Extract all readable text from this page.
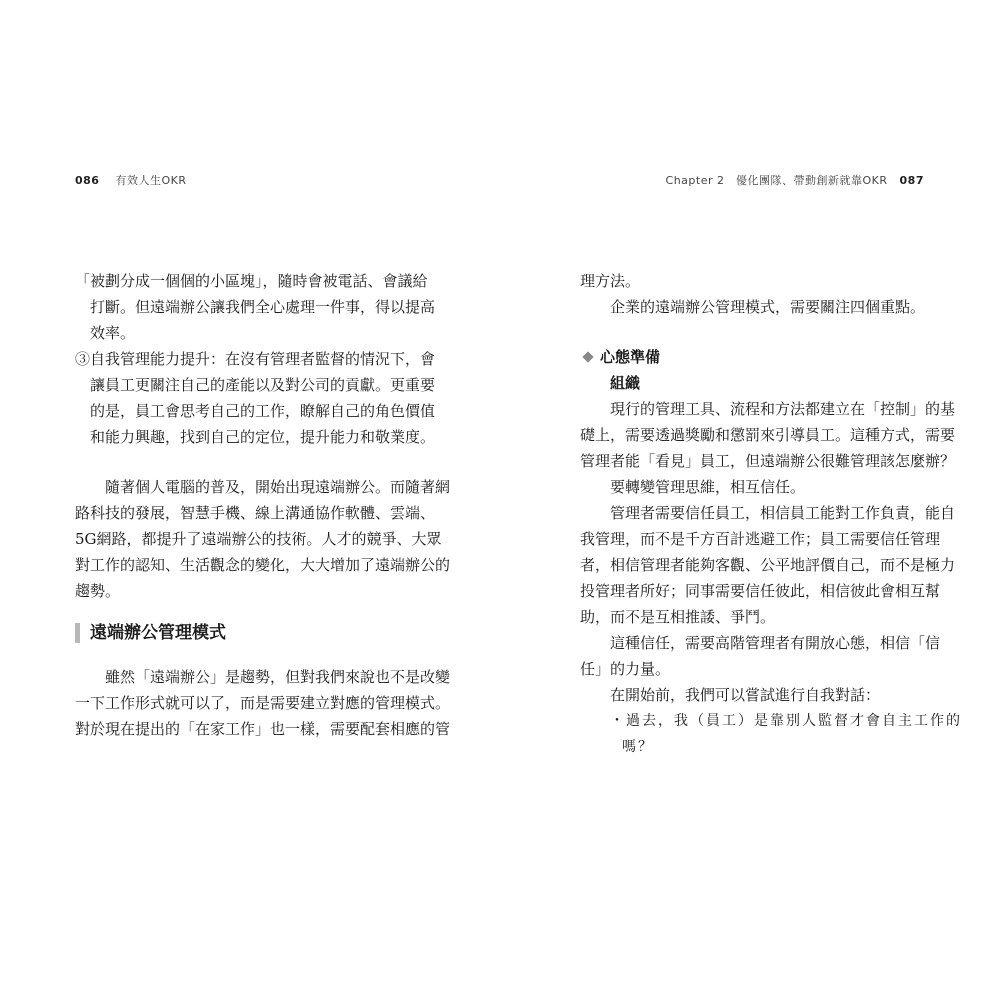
086 有效人生OKR	Chapter 2　優化團隊、帶動創新就靠OKR 087
「被劃分成一個個的小區塊」，隨時會被電話、會議給
打斷。但遠端辦公讓我們全心處理一件事，得以提高
效率。
③自我管理能力提升：在沒有管理者監督的情況下，會
讓員工更關注自己的產能以及對公司的貢獻。更重要
的是，員工會思考自己的工作，瞭解自己的角色價值
和能力興趣，找到自己的定位，提升能力和敬業度。
隨著個人電腦的普及，開始出現遠端辦公。而隨著網
路科技的發展，智慧手機、線上溝通協作軟體、雲端、
5G網路，都提升了遠端辦公的技術。人才的競爭、大眾
對工作的認知、生活觀念的變化，大大增加了遠端辦公的
趨勢。
遠端辦公管理模式
雖然「遠端辦公」是趨勢，但對我們來說也不是改變
一下工作形式就可以了，而是需要建立對應的管理模式。
對於現在提出的「在家工作」也一樣，需要配套相應的管
理方法。
企業的遠端辦公管理模式，需要關注四個重點。
心態準備
組織
現行的管理工具、流程和方法都建立在「控制」的基
礎上，需要透過獎勵和懲罰來引導員工。這種方式，需要
管理者能「看見」員工，但遠端辦公很難管理該怎麼辦？
要轉變管理思維，相互信任。
管理者需要信任員工，相信員工能對工作負責，能自
我管理，而不是千方百計逃避工作；員工需要信任管理
者，相信管理者能夠客觀、公平地評價自己，而不是極力
投管理者所好；同事需要信任彼此，相信彼此會相互幫
助，而不是互相推諉、爭鬥。
這種信任，需要高階管理者有開放心態，相信「信
任」的力量。
在開始前，我們可以嘗試進行自我對話：
・過去，我（員工）是靠別人監督才會自主工作的
嗎？
